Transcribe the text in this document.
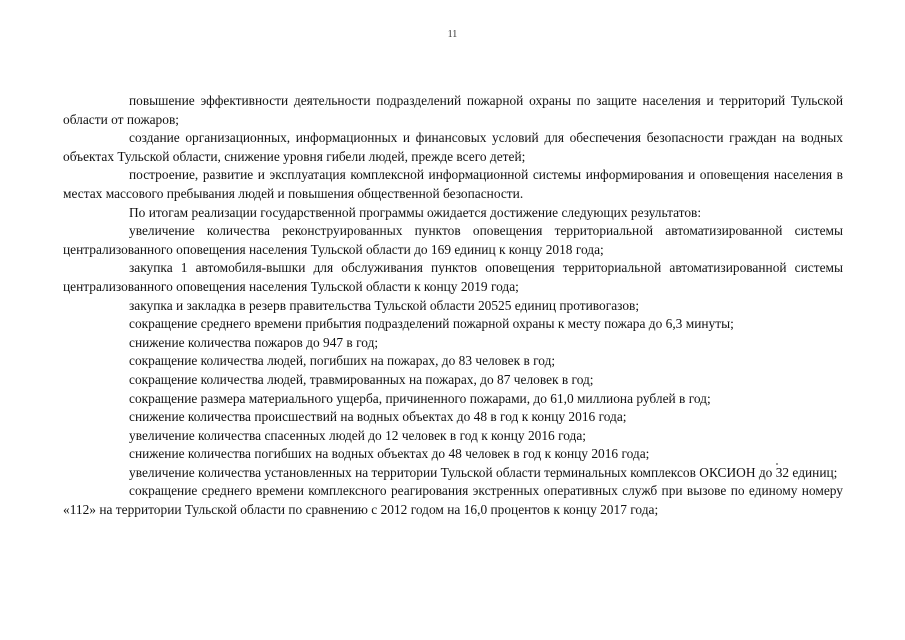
11

повышение эффективности деятельности подразделений пожарной охраны по защите населения и территорий Тульской области от пожаров;

создание организационных, информационных и финансовых условий для обеспечения безопасности граждан на водных объектах Тульской области, снижение уровня гибели людей, прежде всего детей;

построение, развитие и эксплуатация комплексной информационной системы информирования и оповещения населения в местах массового пребывания людей и повышения общественной безопасности.

По итогам реализации государственной программы ожидается достижение следующих результатов:

увеличение количества реконструированных пунктов оповещения территориальной автоматизированной системы централизованного оповещения населения Тульской области до 169 единиц к концу 2018 года;

закупка 1 автомобиля-вышки для обслуживания пунктов оповещения территориальной автоматизированной системы централизованного оповещения населения Тульской области к концу 2019 года;

закупка и закладка в резерв правительства Тульской области 20525 единиц противогазов;

сокращение среднего времени прибытия подразделений пожарной охраны к месту пожара до 6,3 минуты;

снижение количества пожаров до 947 в год;

сокращение количества людей, погибших на пожарах, до 83 человек в год;

сокращение количества людей, травмированных на пожарах, до 87 человек в год;

сокращение размера материального ущерба, причиненного пожарами, до 61,0 миллиона рублей в год;

снижение количества происшествий на водных объектах до 48 в год к концу 2016 года;

увеличение количества спасенных людей до 12 человек в год к концу 2016 года;

снижение количества погибших на водных объектах до 48 человек в год к концу 2016 года;

увеличение количества установленных на территории Тульской области терминальных комплексов ОКСИОН до 32 единиц;

сокращение среднего времени комплексного реагирования экстренных оперативных служб при вызове по единому номеру «112» на территории Тульской области по сравнению с 2012 годом на 16,0 процентов к концу 2017 года;
